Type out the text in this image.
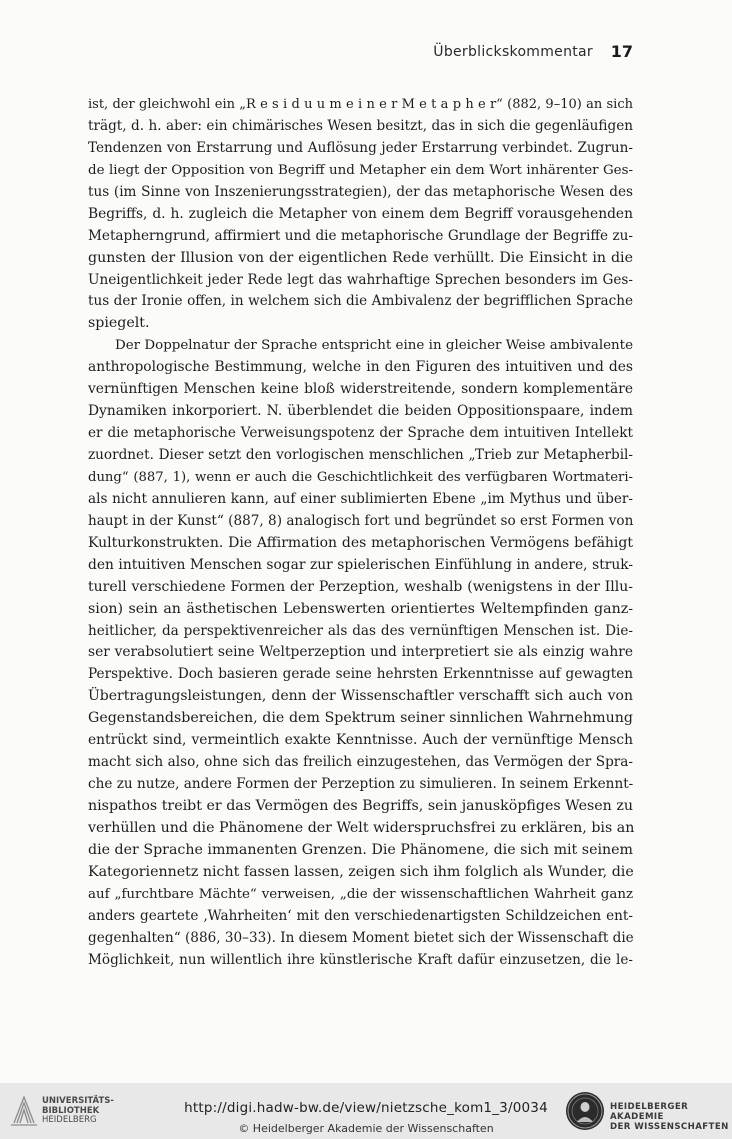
Überblickskommentar 17
ist, der gleichwohl ein „R e s i d u u m e i n e r M e t a p h e r“ (882, 9–10) an sich
trägt, d. h. aber: ein chimärisches Wesen besitzt, das in sich die gegenläufigen
Tendenzen von Erstarrung und Auflösung jeder Erstarrung verbindet. Zugrun-
de liegt der Opposition von Begriff und Metapher ein dem Wort inhärenter Ges-
tus (im Sinne von Inszenierungsstrategien), der das metaphorische Wesen des
Begriffs, d. h. zugleich die Metapher von einem dem Begriff vorausgehenden
Metapherngrund, affirmiert und die metaphorische Grundlage der Begriffe zu-
gunsten der Illusion von der eigentlichen Rede verhüllt. Die Einsicht in die
Uneigentlichkeit jeder Rede legt das wahrhaftige Sprechen besonders im Ges-
tus der Ironie offen, in welchem sich die Ambivalenz der begrifflichen Sprache
spiegelt.
Der Doppelnatur der Sprache entspricht eine in gleicher Weise ambivalente
anthropologische Bestimmung, welche in den Figuren des intuitiven und des
vernünftigen Menschen keine bloß widerstreitende, sondern komplementäre
Dynamiken inkorporiert. N. überblendet die beiden Oppositionspaare, indem
er die metaphorische Verweisungspotenz der Sprache dem intuitiven Intellekt
zuordnet. Dieser setzt den vorlogischen menschlichen „Trieb zur Metapherbil-
dung“ (887, 1), wenn er auch die Geschichtlichkeit des verfügbaren Wortmateri-
als nicht annulieren kann, auf einer sublimierten Ebene „im Mythus und über-
haupt in der Kunst“ (887, 8) analogisch fort und begründet so erst Formen von
Kulturkonstrukten. Die Affirmation des metaphorischen Vermögens befähigt
den intuitiven Menschen sogar zur spielerischen Einfühlung in andere, struk-
turell verschiedene Formen der Perzeption, weshalb (wenigstens in der Illu-
sion) sein an ästhetischen Lebenswerten orientiertes Weltempfinden ganz-
heitlicher, da perspektivenreicher als das des vernünftigen Menschen ist. Die-
ser verabsolutiert seine Weltperzeption und interpretiert sie als einzig wahre
Perspektive. Doch basieren gerade seine hehrsten Erkenntnisse auf gewagten
Übertragungsleistungen, denn der Wissenschaftler verschafft sich auch von
Gegenstandsbereichen, die dem Spektrum seiner sinnlichen Wahrnehmung
entrückt sind, vermeintlich exakte Kenntnisse. Auch der vernünftige Mensch
macht sich also, ohne sich das freilich einzugestehen, das Vermögen der Spra-
che zu nutze, andere Formen der Perzeption zu simulieren. In seinem Erkennt-
nispathos treibt er das Vermögen des Begriffs, sein janusköpfiges Wesen zu
verhüllen und die Phänomene der Welt widerspruchsfrei zu erklären, bis an
die der Sprache immanenten Grenzen. Die Phänomene, die sich mit seinem
Kategoriennetz nicht fassen lassen, zeigen sich ihm folglich als Wunder, die
auf „furchtbare Mächte“ verweisen, „die der wissenschaftlichen Wahrheit ganz
anders geartete ‚Wahrheiten‘ mit den verschiedenartigsten Schildzeichen ent-
gegenhalten“ (886, 30–33). In diesem Moment bietet sich der Wissenschaft die
Möglichkeit, nun willentlich ihre künstlerische Kraft dafür einzusetzen, die le-
UNIVERSITÄTS-
BIBLIOTHEK
HEIDELBERG
http://digi.hadw-bw.de/view/nietzsche_kom1_3/0034
© Heidelberger Akademie der Wissenschaften
HEIDELBERGER AKADEMIE
DER WISSENSCHAFTEN
